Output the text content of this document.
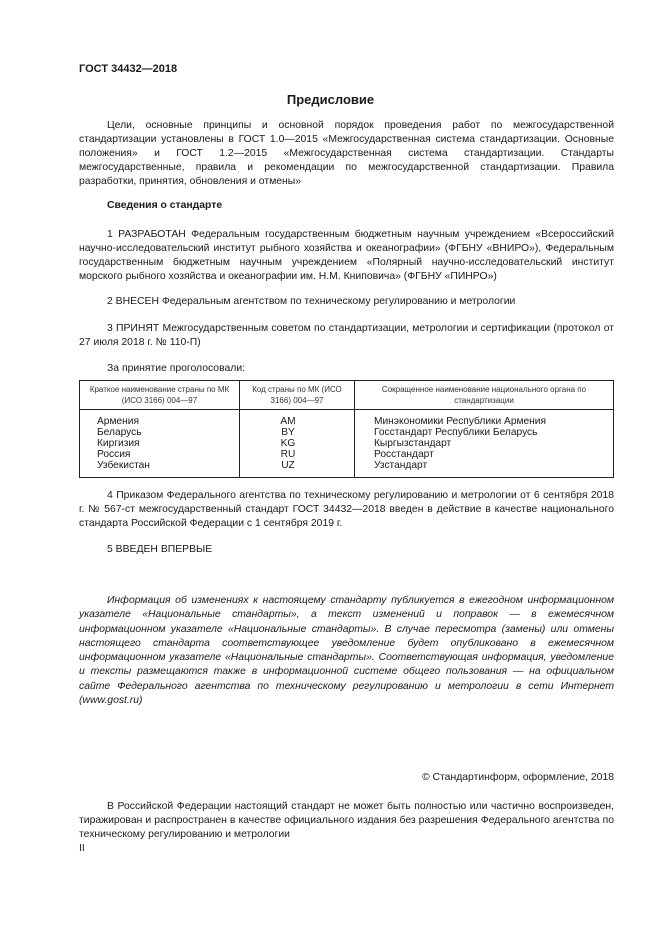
ГОСТ 34432—2018
Предисловие
Цели, основные принципы и основной порядок проведения работ по межгосударственной стандартизации установлены в ГОСТ 1.0—2015 «Межгосударственная система стандартизации. Основные положения» и ГОСТ 1.2—2015 «Межгосударственная система стандартизации. Стандарты межгосударственные, правила и рекомендации по межгосударственной стандартизации. Правила разработки, принятия, обновления и отмены»
Сведения о стандарте
1 РАЗРАБОТАН Федеральным государственным бюджетным научным учреждением «Всероссийский научно-исследовательский институт рыбного хозяйства и океанографии» (ФГБНУ «ВНИРО»), Федеральным государственным бюджетным научным учреждением «Полярный научно-исследовательский институт морского рыбного хозяйства и океанографии им. Н.М. Книповича» (ФГБНУ «ПИНРО»)
2 ВНЕСЕН Федеральным агентством по техническому регулированию и метрологии
3 ПРИНЯТ Межгосударственным советом по стандартизации, метрологии и сертификации (протокол от 27 июля 2018 г. № 110-П)
За принятие проголосовали:
Краткое наименование страны по МК (ИСО 3166) 004—97	Код страны по МК (ИСО 3166) 004—97	Сокращенное наименование национального органа по стандартизации
Армения	AM	Минэкономики Республики Армения
Беларусь	BY	Госстандарт Республики Беларусь
Киргизия	KG	Кыргызстандарт
Россия	RU	Росстандарт
Узбекистан	UZ	Узстандарт
4 Приказом Федерального агентства по техническому регулированию и метрологии от 6 сентября 2018 г. № 567-ст межгосударственный стандарт ГОСТ 34432—2018 введен в действие в качестве национального стандарта Российской Федерации с 1 сентября 2019 г.
5 ВВЕДЕН ВПЕРВЫЕ
Информация об изменениях к настоящему стандарту публикуется в ежегодном информационном указателе «Национальные стандарты», а текст изменений и поправок — в ежемесячном информационном указателе «Национальные стандарты». В случае пересмотра (замены) или отмены настоящего стандарта соответствующее уведомление будет опубликовано в ежемесячном информационном указателе «Национальные стандарты». Соответствующая информация, уведомление и тексты размещаются также в информационной системе общего пользования — на официальном сайте Федерального агентства по техническому регулированию и метрологии в сети Интернет (www.gost.ru)
© Стандартинформ, оформление, 2018
В Российской Федерации настоящий стандарт не может быть полностью или частично воспроизведен, тиражирован и распространен в качестве официального издания без разрешения Федерального агентства по техническому регулированию и метрологии
II
